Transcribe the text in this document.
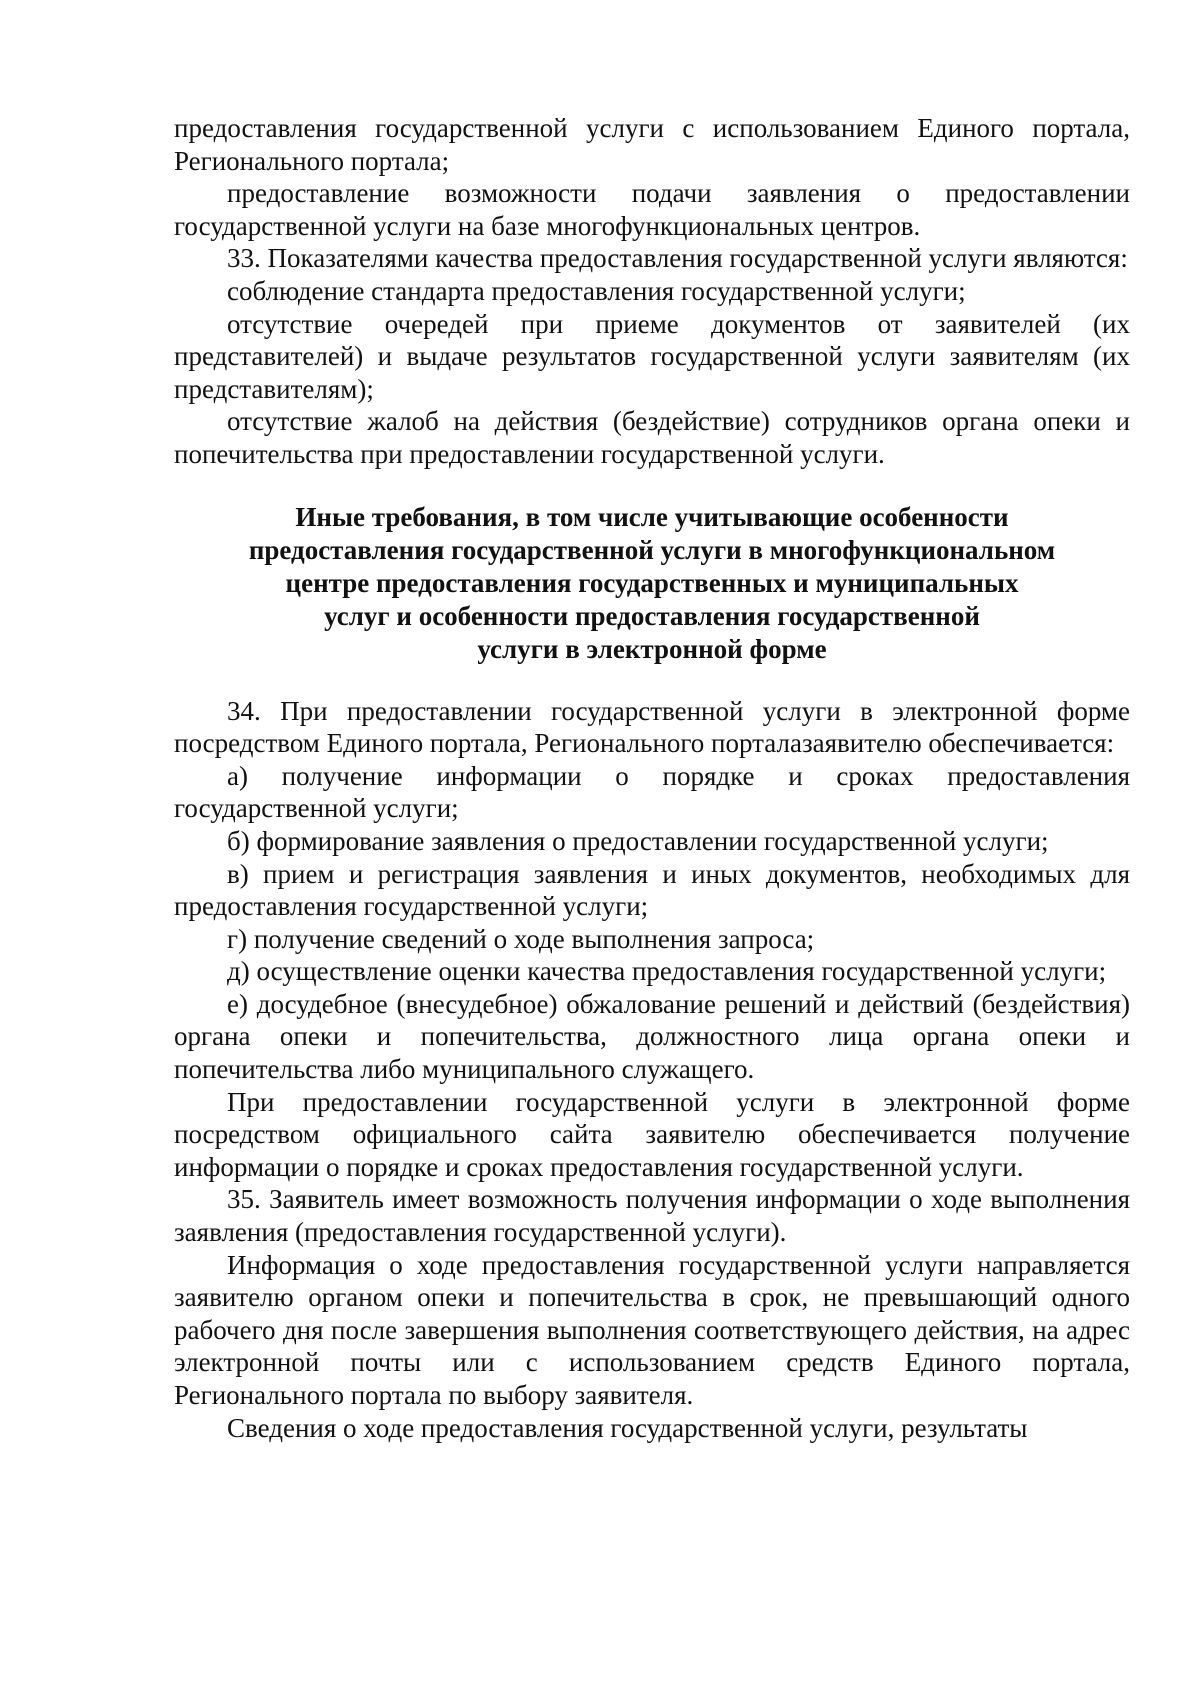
предоставления государственной услуги с использованием Единого портала, Регионального портала;

предоставление возможности подачи заявления о предоставлении государственной услуги на базе многофункциональных центров.

33. Показателями качества предоставления государственной услуги являются:

соблюдение стандарта предоставления государственной услуги;

отсутствие очередей при приеме документов от заявителей (их представителей) и выдаче результатов государственной услуги заявителям (их представителям);

отсутствие жалоб на действия (бездействие) сотрудников органа опеки и попечительства при предоставлении государственной услуги.

Иные требования, в том числе учитывающие особенности
предоставления государственной услуги в многофункциональном
центре предоставления государственных и муниципальных
услуг и особенности предоставления государственной
услуги в электронной форме

34. При предоставлении государственной услуги в электронной форме посредством Единого портала, Регионального порталазаявителю обеспечивается:

а) получение информации о порядке и сроках предоставления государственной услуги;

б) формирование заявления о предоставлении государственной услуги;

в) прием и регистрация заявления и иных документов, необходимых для предоставления государственной услуги;

г) получение сведений о ходе выполнения запроса;

д) осуществление оценки качества предоставления государственной услуги;

е) досудебное (внесудебное) обжалование решений и действий (бездействия) органа опеки и попечительства, должностного лица органа опеки и попечительства либо муниципального служащего.

При предоставлении государственной услуги в электронной форме посредством официального сайта заявителю обеспечивается получение информации о порядке и сроках предоставления государственной услуги.

35. Заявитель имеет возможность получения информации о ходе выполнения заявления (предоставления государственной услуги).

Информация о ходе предоставления государственной услуги направляется заявителю органом опеки и попечительства в срок, не превышающий одного рабочего дня после завершения выполнения соответствующего действия, на адрес электронной почты или с использованием средств Единого портала, Регионального портала по выбору заявителя.

Сведения о ходе предоставления государственной услуги, результаты
